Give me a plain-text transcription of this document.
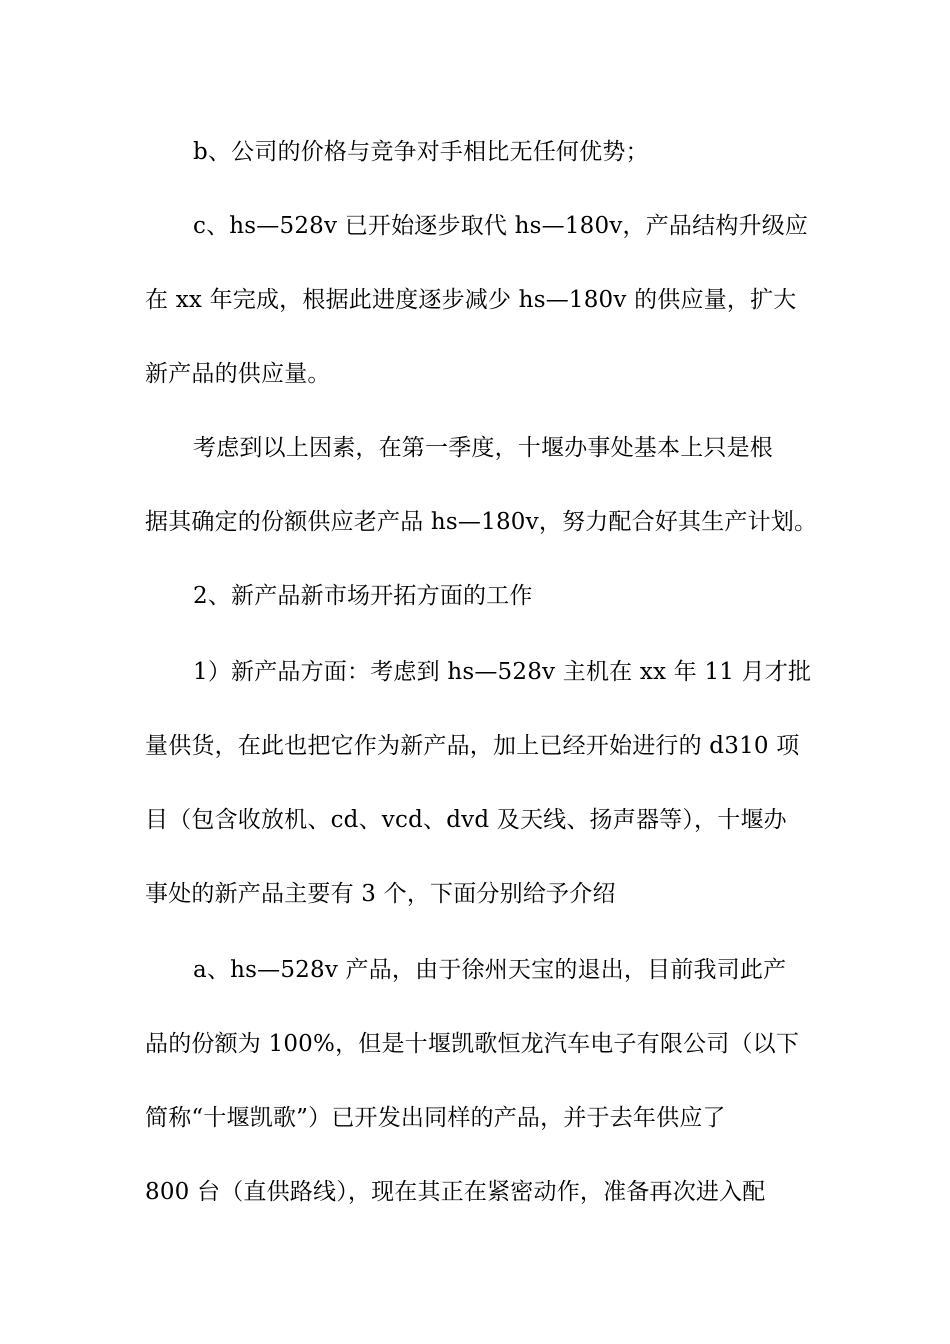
b、公司的价格与竞争对手相比无任何优势；
c、hs—528v 已开始逐步取代 hs—180v，产品结构升级应
在 xx 年完成，根据此进度逐步减少 hs—180v 的供应量，扩大
新产品的供应量。
考虑到以上因素，在第一季度，十堰办事处基本上只是根
据其确定的份额供应老产品 hs—180v，努力配合好其生产计划。
2、新产品新市场开拓方面的工作
1）新产品方面：考虑到 hs—528v 主机在 xx 年 11 月才批
量供货，在此也把它作为新产品，加上已经开始进行的 d310 项
目（包含收放机、cd、vcd、dvd 及天线、扬声器等），十堰办
事处的新产品主要有 3 个，下面分别给予介绍
a、hs—528v 产品，由于徐州天宝的退出，目前我司此产
品的份额为 100%，但是十堰凯歌恒龙汽车电子有限公司（以下
简称“十堰凯歌”）已开发出同样的产品，并于去年供应了
800 台（直供路线），现在其正在紧密动作，准备再次进入配
